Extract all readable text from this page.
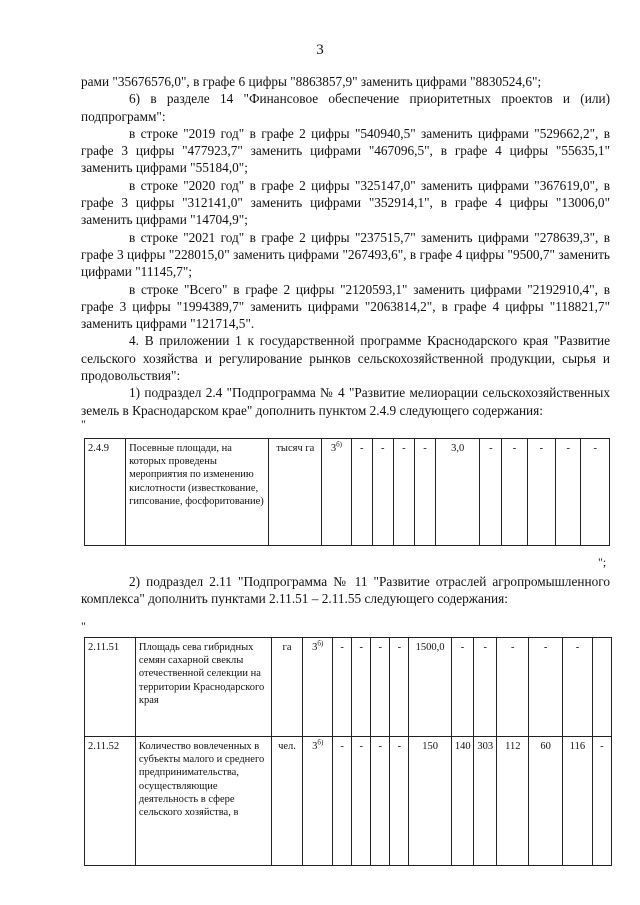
3

рами "35676576,0", в графе 6 цифры "8863857,9" заменить цифрами "8830524,6";

6) в разделе 14 "Финансовое обеспечение приоритетных проектов и (или) подпрограмм":

в строке "2019 год" в графе 2 цифры "540940,5" заменить цифрами "529662,2", в графе 3 цифры "477923,7" заменить цифрами "467096,5", в графе 4 цифры "55635,1" заменить цифрами "55184,0";

в строке "2020 год" в графе 2 цифры "325147,0" заменить цифрами "367619,0", в графе 3 цифры "312141,0" заменить цифрами "352914,1", в графе 4 цифры "13006,0" заменить цифрами "14704,9";

в строке "2021 год" в графе 2 цифры "237515,7" заменить цифрами "278639,3", в графе 3 цифры "228015,0" заменить цифрами "267493,6", в графе 4 цифры "9500,7" заменить цифрами "11145,7";

в строке "Всего" в графе 2 цифры "2120593,1" заменить цифрами "2192910,4", в графе 3 цифры "1994389,7" заменить цифрами "2063814,2", в графе 4 цифры "118821,7" заменить цифрами "121714,5".

4. В приложении 1 к государственной программе Краснодарского края "Развитие сельского хозяйства и регулирование рынков сельскохозяйственной продукции, сырья и продовольствия":

1) подраздел 2.4 "Подпрограмма № 4 "Развитие мелиорации сельскохозяйственных земель в Краснодарском крае" дополнить пунктом 2.4.9 следующего содержания:

"
2.4.9	Посевные площади, на которых проведены мероприятия по изменению кислотности (известкование, гипсование, фосфоритование)	тысяч га	$3^{б)}$	-	-	-	-	3,0	-	-	-	-	-
";

2) подраздел 2.11 "Подпрограмма № 11 "Развитие отраслей агропромышленного комплекса" дополнить пунктами 2.11.51 – 2.11.55 следующего содержания:

"
2.11.51	Площадь сева гибридных семян сахарной свеклы отечественной селекции на территории Краснодарского края	га	$3^{б)}$	-	-	-	-	1500,0	-	-	-	-	-	
2.11.52	Количество вовлеченных в субъекты малого и среднего предпринимательства, осуществляющие деятельность в сфере сельского хозяйства, в	чел.	$3^{б)}$	-	-	-	-	150	140	303	112	60	116	-
